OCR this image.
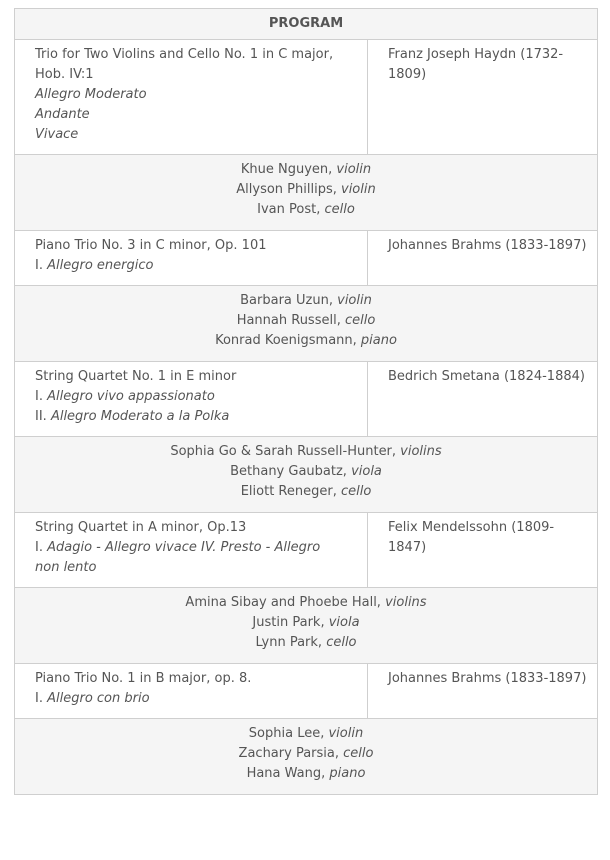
PROGRAM	

Trio for Two Violins and Cello No. 1 in C major, Hob. IV:1
Allegro Moderato
Andante
Vivace	Franz Joseph Haydn (1732-1809)

Khue Nguyen, violin
Allyson Phillips, violin
Ivan Post, cello	

Piano Trio No. 3 in C minor, Op. 101
I. Allegro energico	Johannes Brahms (1833-1897)

Barbara Uzun, violin
Hannah Russell, cello
Konrad Koenigsmann, piano	

String Quartet No. 1 in E minor
I. Allegro vivo appassionato
II. Allegro Moderato a la Polka	Bedrich Smetana (1824-1884)

Sophia Go & Sarah Russell-Hunter, violins
Bethany Gaubatz, viola
Eliott Reneger, cello	

String Quartet in A minor, Op.13
I. Adagio - Allegro vivace IV. Presto - Allegro non lento	Felix Mendelssohn (1809-1847)

Amina Sibay and Phoebe Hall, violins
Justin Park, viola
Lynn Park, cello	

Piano Trio No. 1 in B major, op. 8.
I. Allegro con brio	Johannes Brahms (1833-1897)

Sophia Lee, violin
Zachary Parsia, cello
Hana Wang, piano	
